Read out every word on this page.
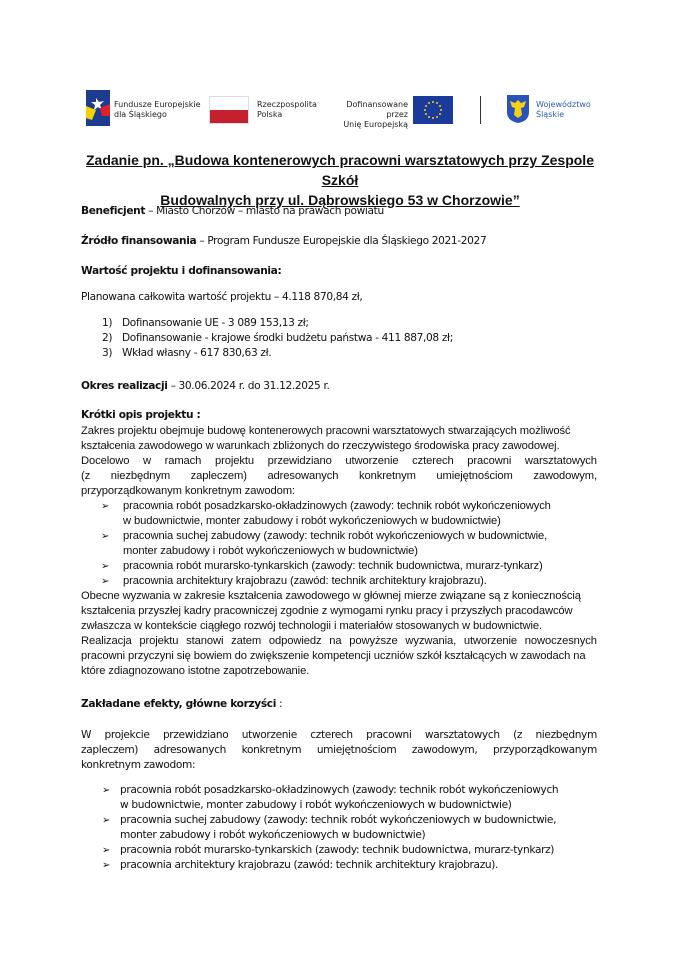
Fundusze Europejskie
dla Śląskiego
Rzeczpospolita
Polska
Dofinansowane przez
Unię Europejską
Województwo
Śląskie
Zadanie pn. „Budowa kontenerowych pracowni warsztatowych przy Zespole Szkół
Budowalnych przy ul. Dąbrowskiego 53 w Chorzowie”
Beneficjent – Miasto Chorzów – miasto na prawach powiatu
Źródło finansowania – Program Fundusze Europejskie dla Śląskiego 2021-2027
Wartość projektu i dofinansowania:
Planowana całkowita wartość projektu – 4.118 870,84 zł,
1) Dofinansowanie UE - 3 089 153,13 zł;
2) Dofinansowanie - krajowe środki budżetu państwa - 411 887,08 zł;
3) Wkład własny - 617 830,63 zł.
Okres realizacji – 30.06.2024 r. do 31.12.2025 r.
Krótki opis projektu :
Zakres projektu obejmuje budowę kontenerowych pracowni warsztatowych stwarzających możliwość
kształcenia zawodowego w warunkach zbliżonych do rzeczywistego środowiska pracy zawodowej.
Docelowo w ramach projektu przewidziano utworzenie czterech pracowni warsztatowych
(z niezbędnym zapleczem) adresowanych konkretnym umiejętnościom zawodowym,
przyporządkowanym konkretnym zawodom:
➢	pracownia robót posadzkarsko-okładzinowych (zawody: technik robót wykończeniowych
w budownictwie, monter zabudowy i robót wykończeniowych w budownictwie)
➢	pracownia suchej zabudowy (zawody: technik robót wykończeniowych w budownictwie,
monter zabudowy i robót wykończeniowych w budownictwie)
➢	pracownia robót murarsko-tynkarskich (zawody: technik budownictwa, murarz-tynkarz)
➢	pracownia architektury krajobrazu (zawód: technik architektury krajobrazu).
Obecne wyzwania w zakresie kształcenia zawodowego w głównej mierze związane są z koniecznością
kształcenia przyszłej kadry pracowniczej zgodnie z wymogami rynku pracy i przyszłych pracodawców
zwłaszcza w kontekście ciągłego rozwój technologii i materiałów stosowanych w budownictwie.
Realizacja projektu stanowi zatem odpowiedz na powyższe wyzwania, utworzenie nowoczesnych
pracowni przyczyni się bowiem do zwiększenie kompetencji uczniów szkół kształcących w zawodach na
które zdiagnozowano istotne zapotrzebowanie.
Zakładane efekty, główne korzyści :
W projekcie przewidziano utworzenie czterech pracowni warsztatowych (z niezbędnym
zapleczem) adresowanych konkretnym umiejętnościom zawodowym, przyporządkowanym
konkretnym zawodom:
➢ pracownia robót posadzkarsko-okładzinowych (zawody: technik robót wykończeniowych
w budownictwie, monter zabudowy i robót wykończeniowych w budownictwie)
➢ pracownia suchej zabudowy (zawody: technik robót wykończeniowych w budownictwie,
monter zabudowy i robót wykończeniowych w budownictwie)
➢ pracownia robót murarsko-tynkarskich (zawody: technik budownictwa, murarz-tynkarz)
➢ pracownia architektury krajobrazu (zawód: technik architektury krajobrazu).
